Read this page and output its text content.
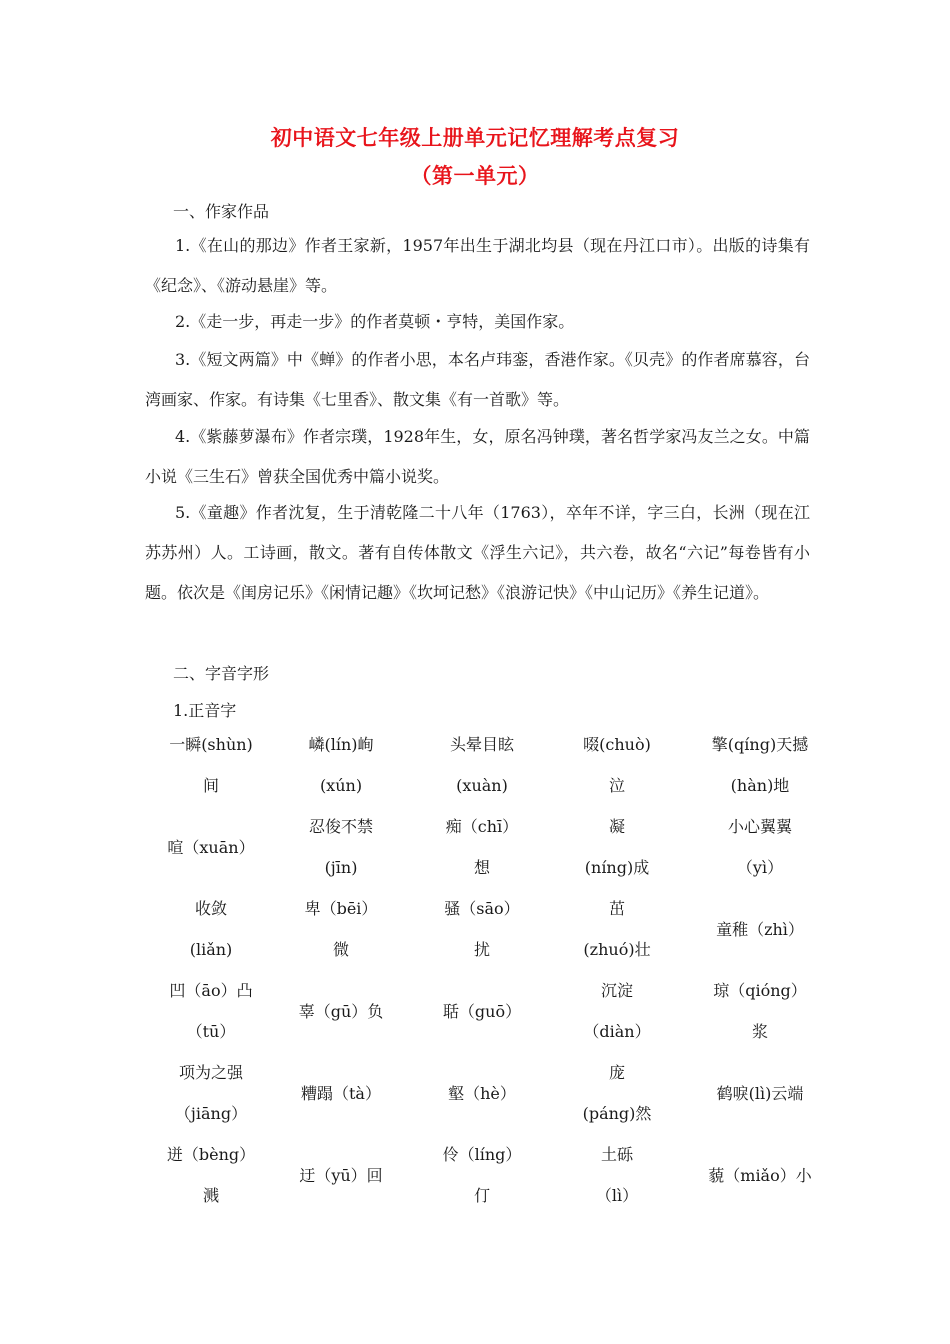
初中语文七年级上册单元记忆理解考点复习
（第一单元）
一、作家作品
1.《在山的那边》作者王家新，1957年出生于湖北均县（现在丹江口市）。出版的诗集有《纪念》、《游动悬崖》等。
2.《走一步，再走一步》的作者莫顿・亨特，美国作家。
3.《短文两篇》中《蝉》的作者小思，本名卢玮銮，香港作家。《贝壳》的作者席慕容，台湾画家、作家。有诗集《七里香》、散文集《有一首歌》等。
4.《紫藤萝瀑布》作者宗璞，1928年生，女，原名冯钟璞，著名哲学家冯友兰之女。中篇小说《三生石》曾获全国优秀中篇小说奖。
5.《童趣》作者沈复，生于清乾隆二十八年（1763），卒年不详，字三白，长洲（现在江苏苏州）人。工诗画，散文。著有自传体散文《浮生六记》，共六卷，故名“六记”每卷皆有小题。依次是《闺房记乐》《闲情记趣》《坎坷记愁》《浪游记快》《中山记历》《养生记道》。
二、字音字形
1.正音字
一瞬(shùn)
间
嶙(lín)峋
(xún)
头晕目眩
(xuàn)
啜(chuò)
泣
擎(qíng)天撼
(hàn)地
喧（xuān）
忍俊不禁
(jīn)
痴（chī）
想
凝
(níng)成
小心翼翼
（yì）
收敛
(liǎn)
卑（bēi）
微
骚（sāo）
扰
茁
(zhuó)壮
童稚（zhì）
凹（āo）凸
（tū）
辜（gū）负	聒（guō）
沉淀
（diàn）
琼（qióng）
浆
项为之强
（jiāng）
糟蹋（tà）	壑（hè）
庞
(páng)然
鹤唳(lì)云端
迸（bèng）
溅
迂（yū）回
伶（líng）
仃
土砾
（lì）
藐（miǎo）小
